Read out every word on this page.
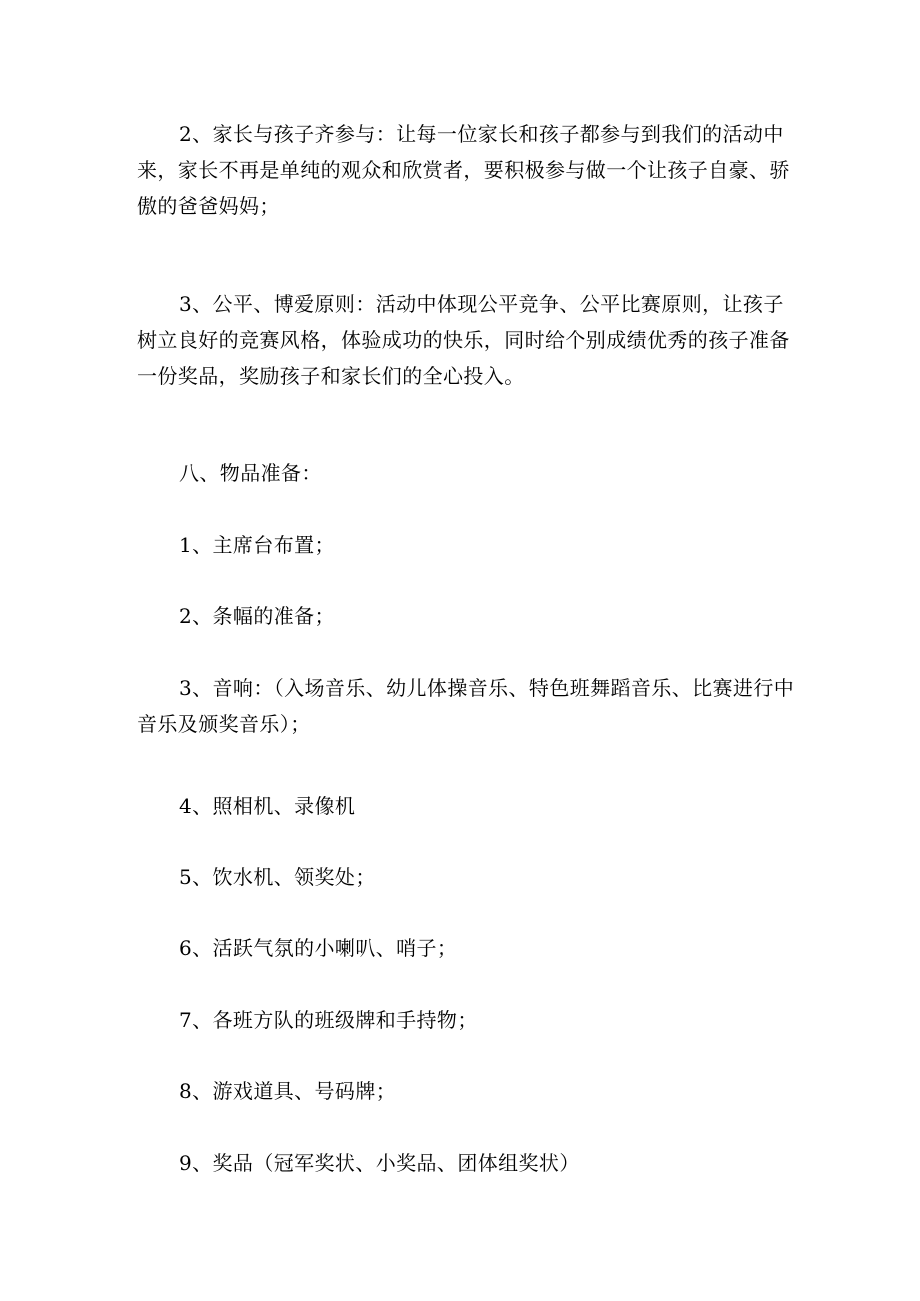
2、家长与孩子齐参与：让每一位家长和孩子都参与到我们的活动中来，家长不再是单纯的观众和欣赏者，要积极参与做一个让孩子自豪、骄傲的爸爸妈妈；

3、公平、博爱原则：活动中体现公平竞争、公平比赛原则，让孩子树立良好的竞赛风格，体验成功的快乐，同时给个别成绩优秀的孩子准备一份奖品，奖励孩子和家长们的全心投入。

八、物品准备：

1、主席台布置；

2、条幅的准备；

3、音响：（入场音乐、幼儿体操音乐、特色班舞蹈音乐、比赛进行中音乐及颁奖音乐）；

4、照相机、录像机

5、饮水机、领奖处；

6、活跃气氛的小喇叭、哨子；

7、各班方队的班级牌和手持物；

8、游戏道具、号码牌；

9、奖品（冠军奖状、小奖品、团体组奖状）
